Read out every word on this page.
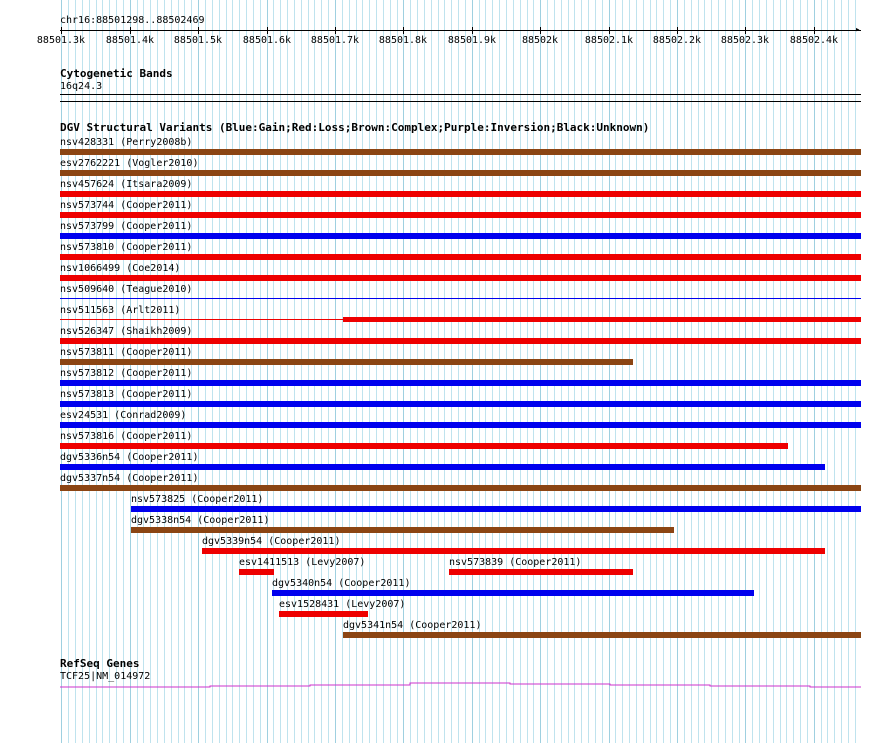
chr16:88501298..88502469
▸
88501.3k 88501.4k 88501.5k 88501.6k 88501.7k 88501.8k 88501.9k	88502k	88502.1k 88502.2k 88502.3k 88502.4k
Cytogenetic Bands
16q24.3
DGV Structural Variants (Blue:Gain;Red:Loss;Brown:Complex;Purple:Inversion;Black:Unknown)
nsv428331 (Perry2008b)
esv2762221 (Vogler2010)
nsv457624 (Itsara2009)
nsv573744 (Cooper2011)
nsv573799 (Cooper2011)
nsv573810 (Cooper2011)
nsv1066499 (Coe2014)
nsv509640 (Teague2010)
nsv511563 (Arlt2011)
nsv526347 (Shaikh2009)
nsv573811 (Cooper2011)
nsv573812 (Cooper2011)
nsv573813 (Cooper2011)
esv24531 (Conrad2009)
nsv573816 (Cooper2011)
dgv5336n54 (Cooper2011)
dgv5337n54 (Cooper2011)
nsv573825 (Cooper2011)
dgv5338n54 (Cooper2011)
dgv5339n54 (Cooper2011)
esv1411513 (Levy2007)	nsv573839 (Cooper2011)
dgv5340n54 (Cooper2011)
esv1528431 (Levy2007)
dgv5341n54 (Cooper2011)
RefSeq Genes
TCF25|NM_014972
